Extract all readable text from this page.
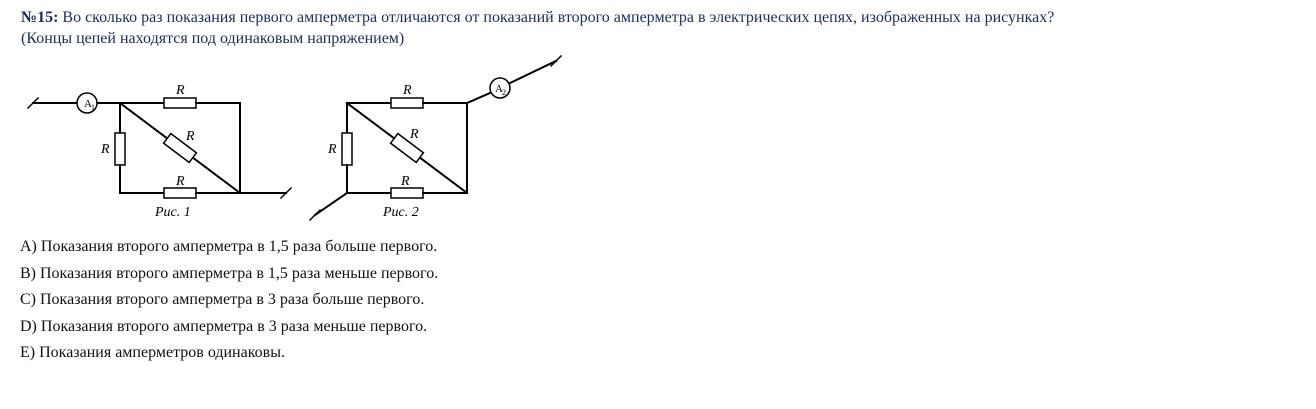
№15: Во сколько раз показания первого амперметра отличаются от показаний второго амперметра в электрических цепях, изображенных на рисунках?
(Концы цепей находятся под одинаковым напряжением)
A 1
R
R
R
R
Рис. 1
A 2
R
R
R
R
Рис. 2
A) Показания второго амперметра в 1,5 раза больше первого.
B) Показания второго амперметра в 1,5 раза меньше первого.
C) Показания второго амперметра в 3 раза больше первого.
D) Показания второго амперметра в 3 раза меньше первого.
E) Показания амперметров одинаковы.
